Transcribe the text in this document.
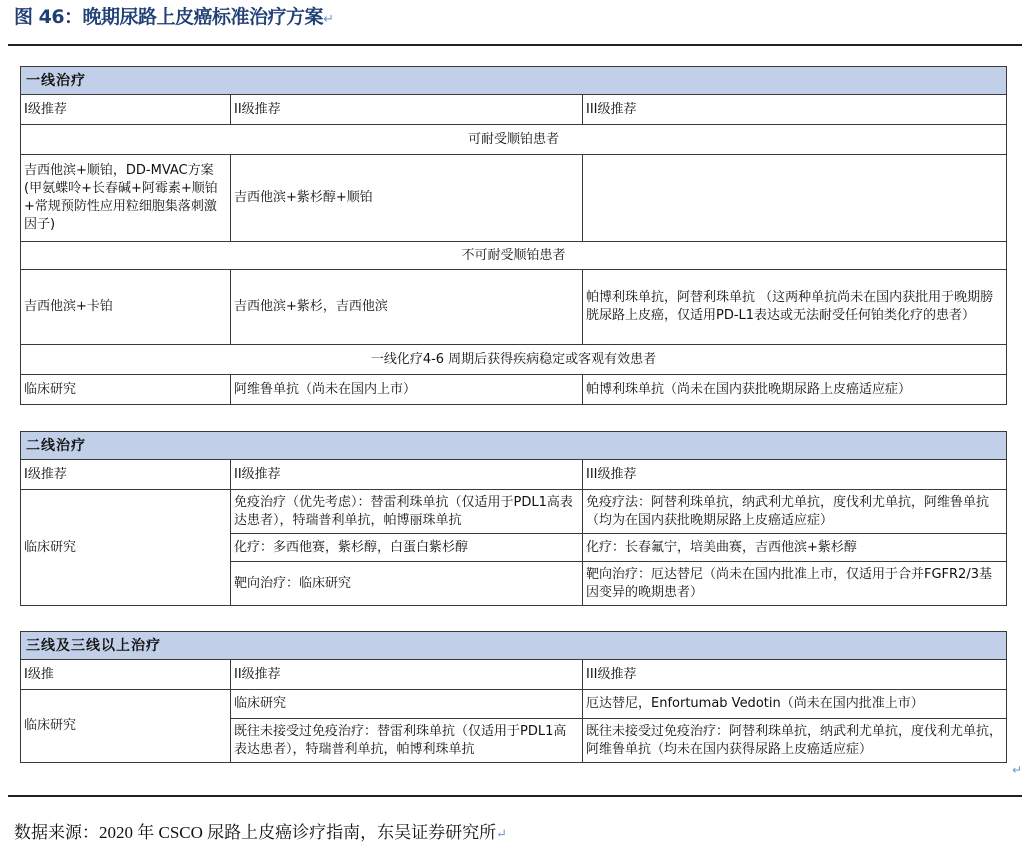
图 46：晚期尿路上皮癌标准治疗方案↵
一线治疗		
I级推荐	II级推荐	III级推荐
可耐受顺铂患者		
吉西他滨+顺铂，DD-MVAC方案(甲氨蝶呤+长春碱+阿霉素+顺铂+常规预防性应用粒细胞集落刺激因子)	吉西他滨+紫杉醇+顺铂	
不可耐受顺铂患者		
吉西他滨+卡铂	吉西他滨+紫杉，吉西他滨	帕博利珠单抗，阿替利珠单抗 （这两种单抗尚未在国内获批用于晚期膀胱尿路上皮癌，仅适用PD-L1表达或无法耐受任何铂类化疗的患者）
一线化疗4-6 周期后获得疾病稳定或客观有效患者		
临床研究	阿维鲁单抗（尚未在国内上市）	帕博利珠单抗（尚未在国内获批晚期尿路上皮癌适应症）
二线治疗		
I级推荐	II级推荐	III级推荐
临床研究	免疫治疗（优先考虑）：替雷利珠单抗（仅适用于PDL1高表达患者），特瑞普利单抗，帕博丽珠单抗	免疫疗法：阿替利珠单抗，纳武利尤单抗，度伐利尤单抗，阿维鲁单抗（均为在国内获批晚期尿路上皮癌适应症）
	化疗：多西他赛，紫杉醇，白蛋白紫杉醇	化疗：长春氟宁，培美曲赛，吉西他滨+紫杉醇
	靶向治疗：临床研究	靶向治疗：厄达替尼（尚未在国内批准上市，仅适用于合并FGFR2/3基因变异的晚期患者）
三线及三线以上治疗		
I级推	II级推荐	III级推荐
临床研究	临床研究	厄达替尼，Enfortumab Vedotin（尚未在国内批准上市）
	既往未接受过免疫治疗：替雷利珠单抗（仅适用于PDL1高表达患者），特瑞普利单抗，帕博利珠单抗	既往未接受过免疫治疗：阿替利珠单抗，纳武利尤单抗，度伐利尤单抗，阿维鲁单抗（均未在国内获得尿路上皮癌适应症）
↵
数据来源：2020 年 CSCO 尿路上皮癌诊疗指南，东吴证券研究所↵
